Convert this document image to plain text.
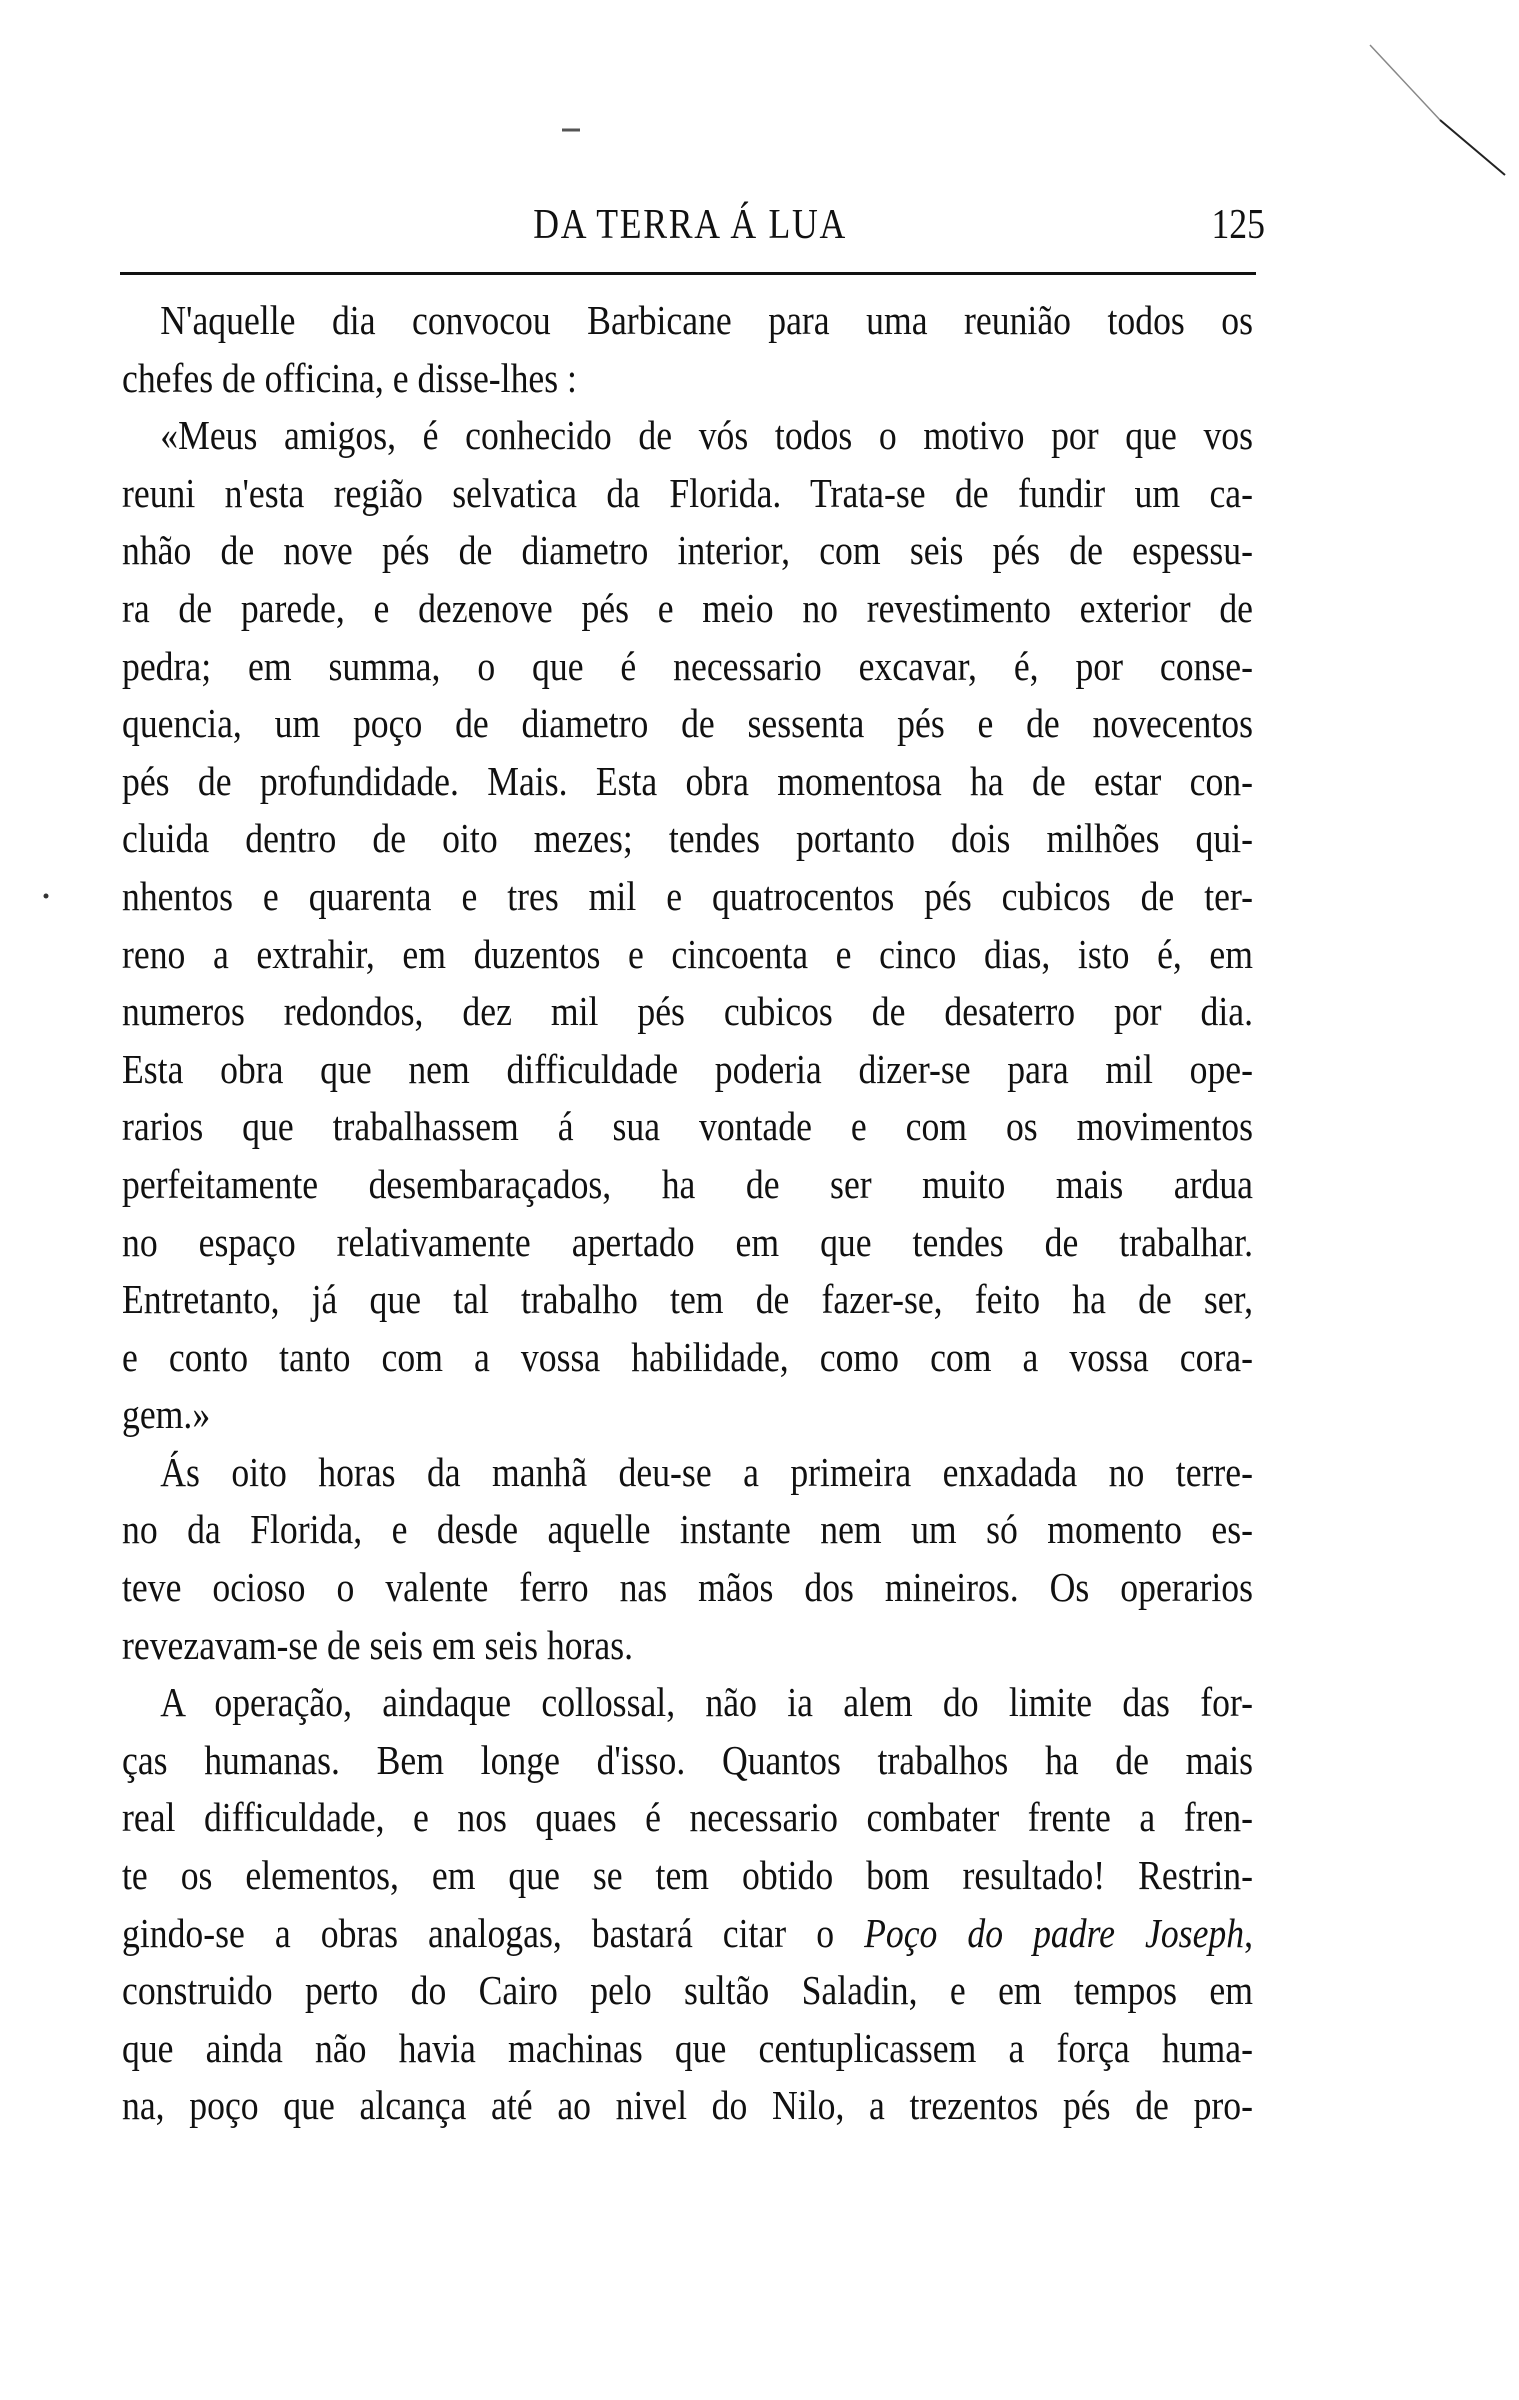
DA TERRA Á LUA	125
N'aquelle dia convocou Barbicane para uma reunião todos os
chefes de officina, e disse-lhes :
«Meus amigos, é conhecido de vós todos o motivo por que vos
reuni n'esta região selvatica da Florida. Trata-se de fundir um ca-
nhão de nove pés de diametro interior, com seis pés de espessu-
ra de parede, e dezenove pés e meio no revestimento exterior de
pedra; em summa, o que é necessario excavar, é, por conse-
quencia, um poço de diametro de sessenta pés e de novecentos
pés de profundidade. Mais. Esta obra momentosa ha de estar con-
cluida dentro de oito mezes; tendes portanto dois milhões qui-
nhentos e quarenta e tres mil e quatrocentos pés cubicos de ter-
reno a extrahir, em duzentos e cincoenta e cinco dias, isto é, em
numeros redondos, dez mil pés cubicos de desaterro por dia.
Esta obra que nem difficuldade poderia dizer-se para mil ope-
rarios que trabalhassem á sua vontade e com os movimentos
perfeitamente desembaraçados, ha de ser muito mais ardua
no espaço relativamente apertado em que tendes de trabalhar.
Entretanto, já que tal trabalho tem de fazer-se, feito ha de ser,
e conto tanto com a vossa habilidade, como com a vossa cora-
gem.»
Ás oito horas da manhã deu-se a primeira enxadada no terre-
no da Florida, e desde aquelle instante nem um só momento es-
teve ocioso o valente ferro nas mãos dos mineiros. Os operarios
revezavam-se de seis em seis horas.
A operação, aindaque collossal, não ia alem do limite das for-
ças humanas. Bem longe d'isso. Quantos trabalhos ha de mais
real difficuldade, e nos quaes é necessario combater frente a fren-
te os elementos, em que se tem obtido bom resultado! Restrin-
gindo-se a obras analogas, bastará citar o Poço do padre Joseph,
construido perto do Cairo pelo sultão Saladin, e em tempos em
que ainda não havia machinas que centuplicassem a força huma-
na, poço que alcança até ao nivel do Nilo, a trezentos pés de pro-
